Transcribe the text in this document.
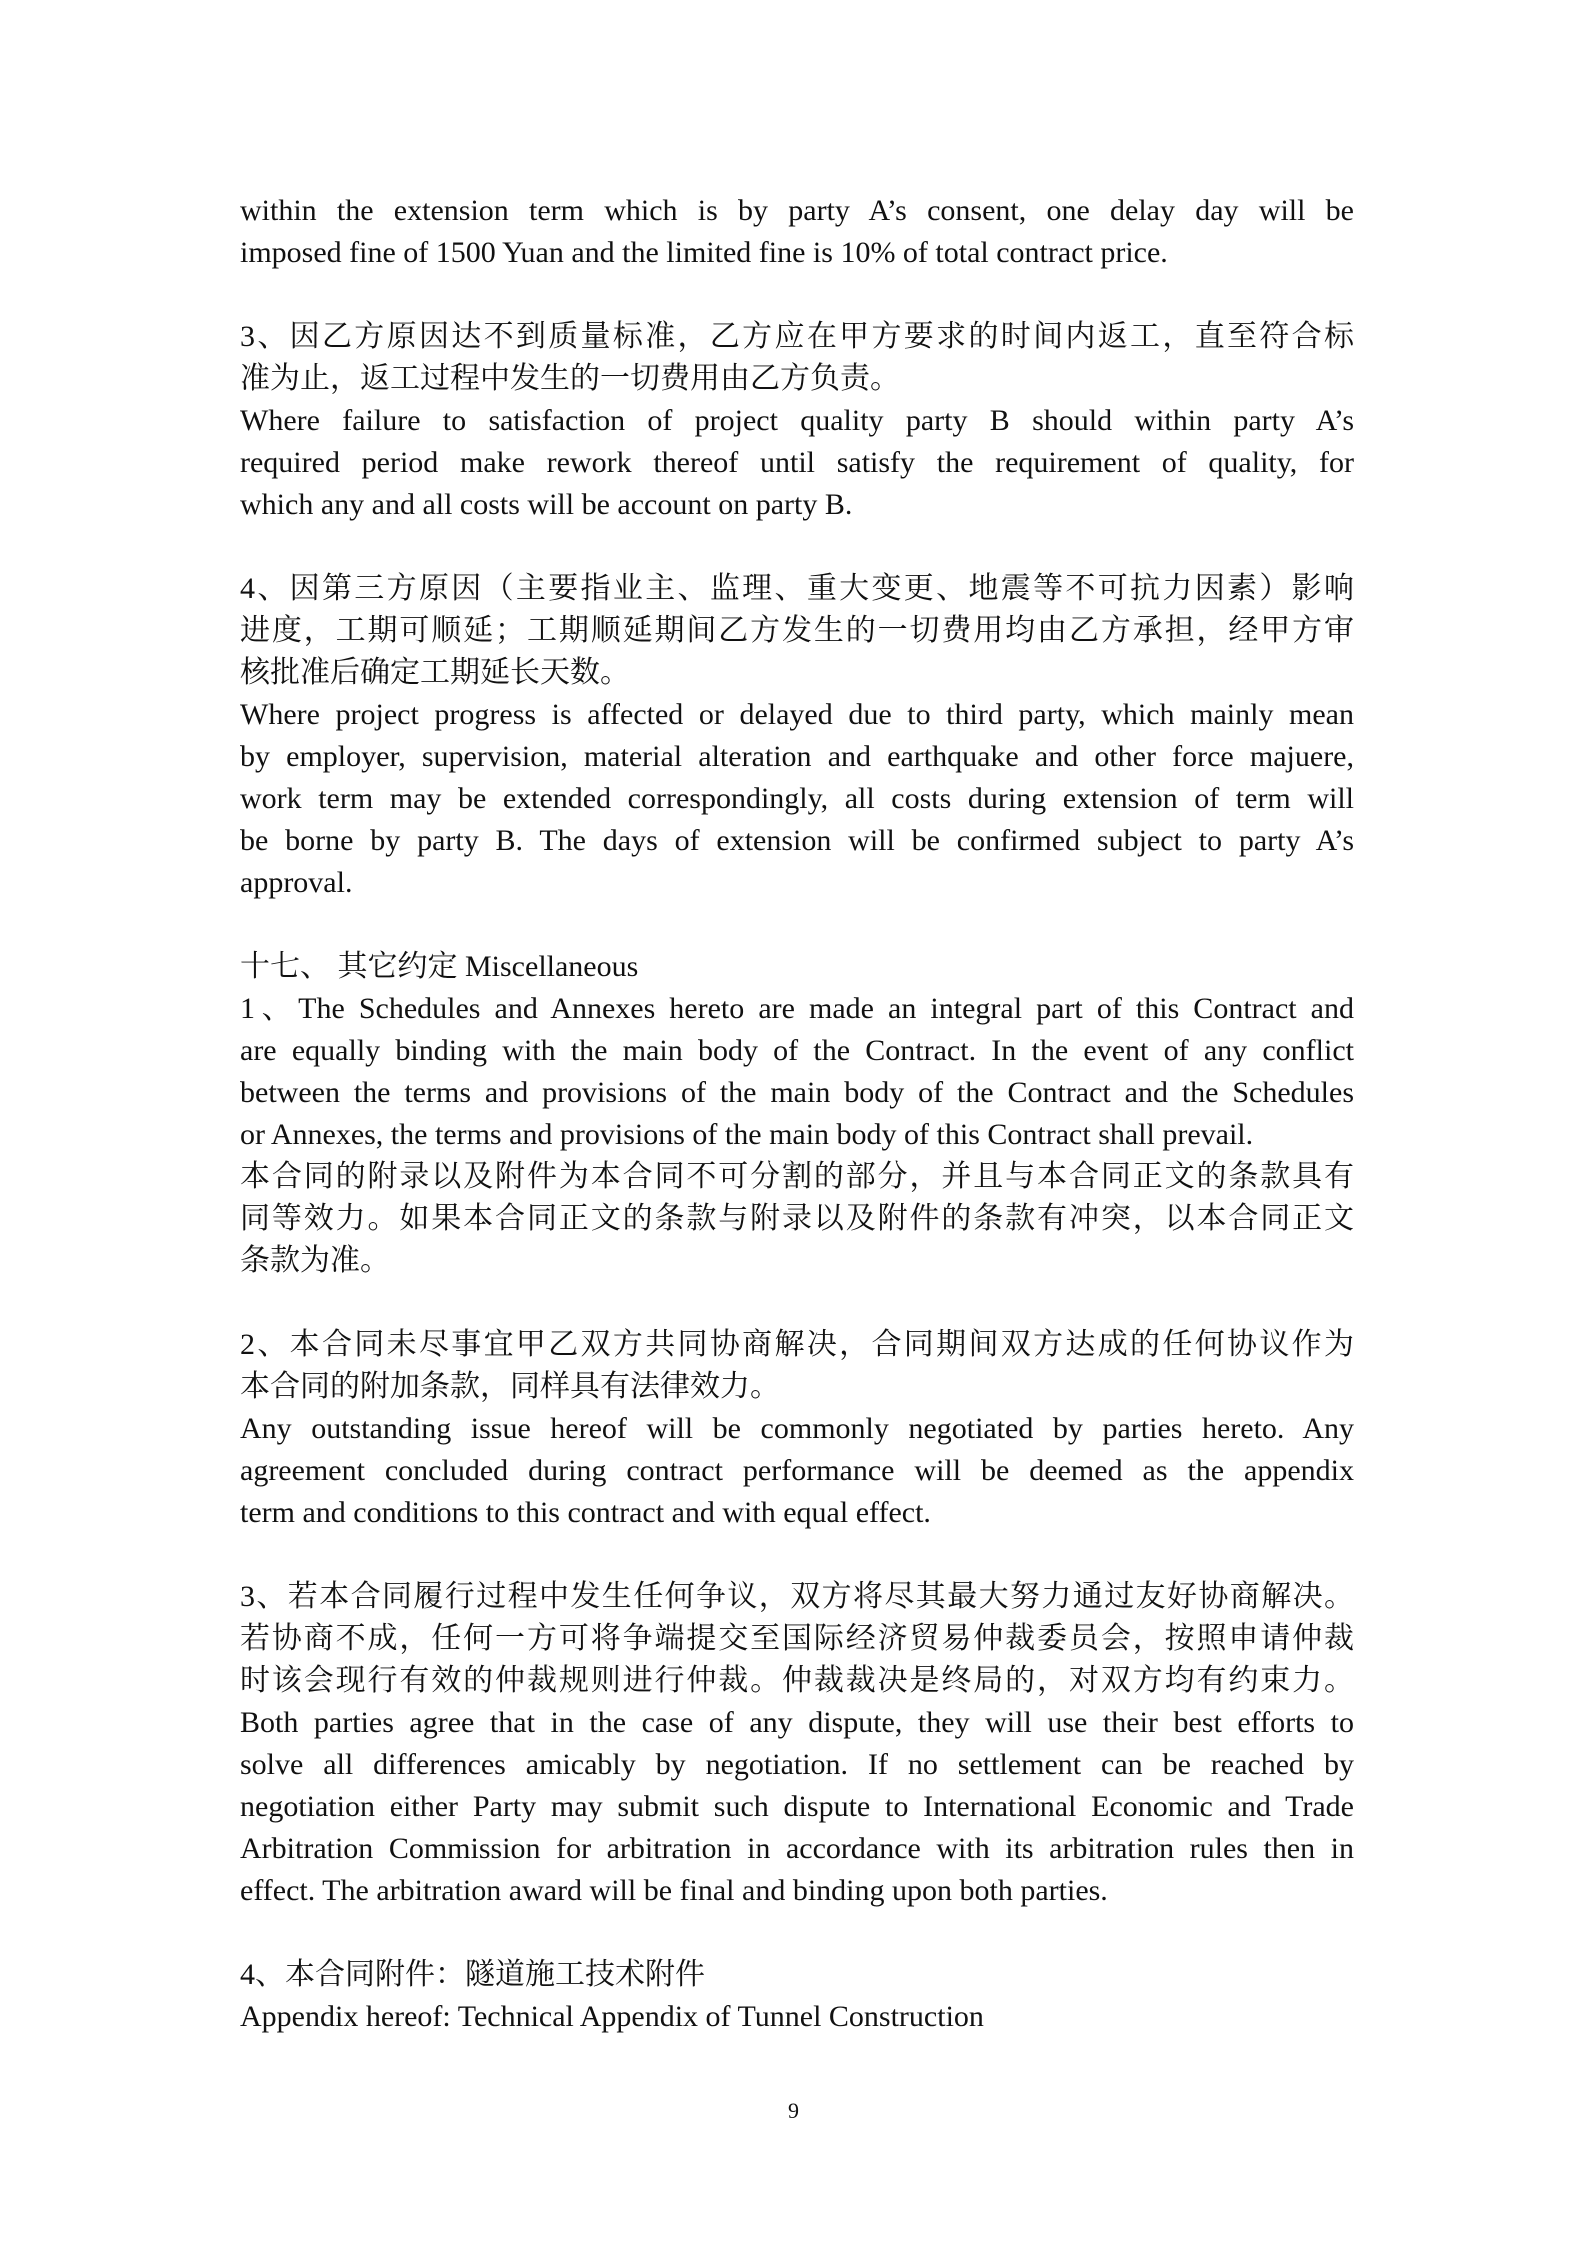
within the extension term which is by party A’s consent, one delay day will be
imposed fine of 1500 Yuan and the limited fine is 10% of total contract price.
3、因乙方原因达不到质量标准，乙方应在甲方要求的时间内返工，直至符合标
准为止，返工过程中发生的一切费用由乙方负责。
Where failure to satisfaction of project quality party B should within party A’s
required period make rework thereof until satisfy the requirement of quality, for
which any and all costs will be account on party B.
4、因第三方原因（主要指业主、监理、重大变更、地震等不可抗力因素）影响
进度，工期可顺延；工期顺延期间乙方发生的一切费用均由乙方承担，经甲方审
核批准后确定工期延长天数。
Where project progress is affected or delayed due to third party, which mainly mean
by employer, supervision, material alteration and earthquake and other force majuere,
work term may be extended correspondingly, all costs during extension of term will
be borne by party B. The days of extension will be confirmed subject to party A’s
approval.
十七、 其它约定 Miscellaneous
1、The Schedules and Annexes hereto are made an integral part of this Contract and
are equally binding with the main body of the Contract. In the event of any conflict
between the terms and provisions of the main body of the Contract and the Schedules
or Annexes, the terms and provisions of the main body of this Contract shall prevail.
本合同的附录以及附件为本合同不可分割的部分，并且与本合同正文的条款具有
同等效力。如果本合同正文的条款与附录以及附件的条款有冲突，以本合同正文
条款为准。
2、本合同未尽事宜甲乙双方共同协商解决，合同期间双方达成的任何协议作为
本合同的附加条款，同样具有法律效力。
Any outstanding issue hereof will be commonly negotiated by parties hereto. Any
agreement concluded during contract performance will be deemed as the appendix
term and conditions to this contract and with equal effect.
3、若本合同履行过程中发生任何争议，双方将尽其最大努力通过友好协商解决。
若协商不成，任何一方可将争端提交至国际经济贸易仲裁委员会，按照申请仲裁
时该会现行有效的仲裁规则进行仲裁。仲裁裁决是终局的，对双方均有约束力。
Both parties agree that in the case of any dispute, they will use their best efforts to
solve all differences amicably by negotiation. If no settlement can be reached by
negotiation either Party may submit such dispute to International Economic and Trade
Arbitration Commission for arbitration in accordance with its arbitration rules then in
effect. The arbitration award will be final and binding upon both parties.
4、本合同附件：隧道施工技术附件
Appendix hereof: Technical Appendix of Tunnel Construction
9
